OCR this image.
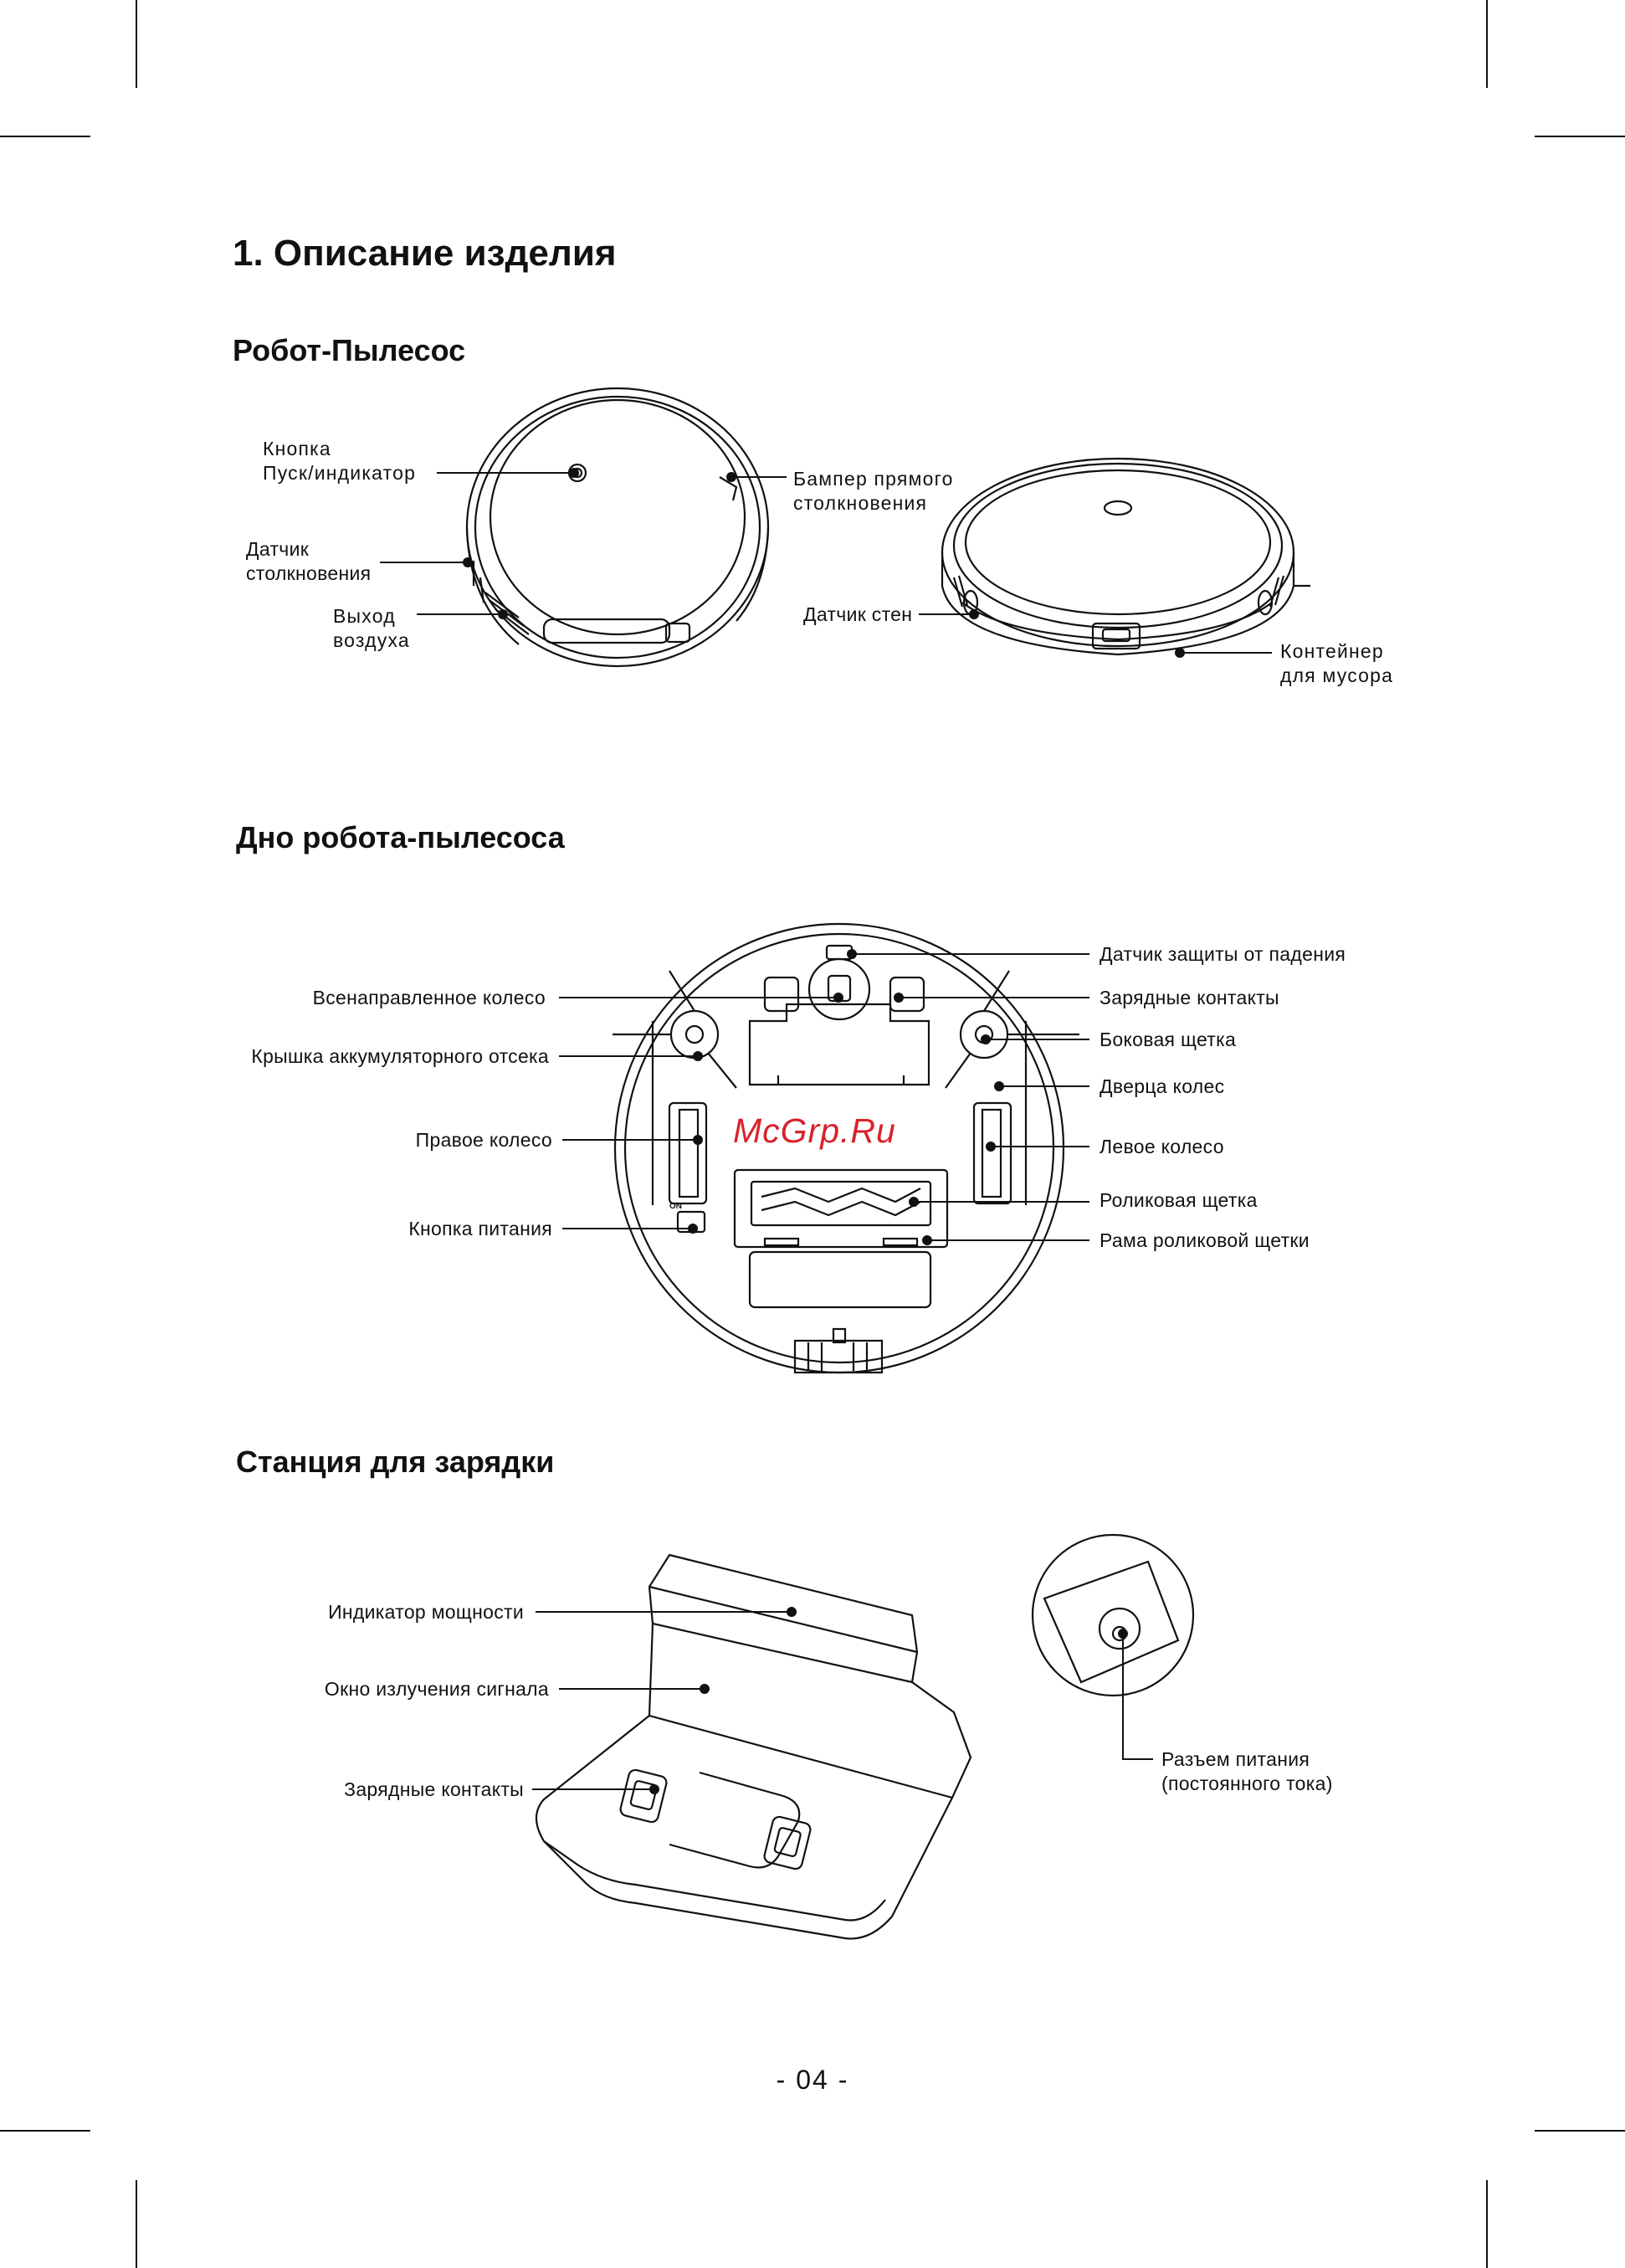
1. Описание изделия
Робот-Пылесос
Кнопка
Пуск/индикатор
Датчик
столкновения
Выход
воздуха
Бампер прямого
столкновения
Датчик стен
Контейнер
для мусора
Дно робота-пылесоса
ON
McGrp.Ru
Всенаправленное колесо
Крышка аккумуляторного отсека
Правое колесо
Кнопка питания
Датчик защиты от падения
Зарядные контакты
Боковая щетка
Дверца колес
Левое колесо
Роликовая щетка
Рама роликовой щетки
Станция для зарядки
Индикатор мощности
Окно излучения сигнала
Зарядные контакты
Разъем питания
(постоянного тока)
- 04 -
